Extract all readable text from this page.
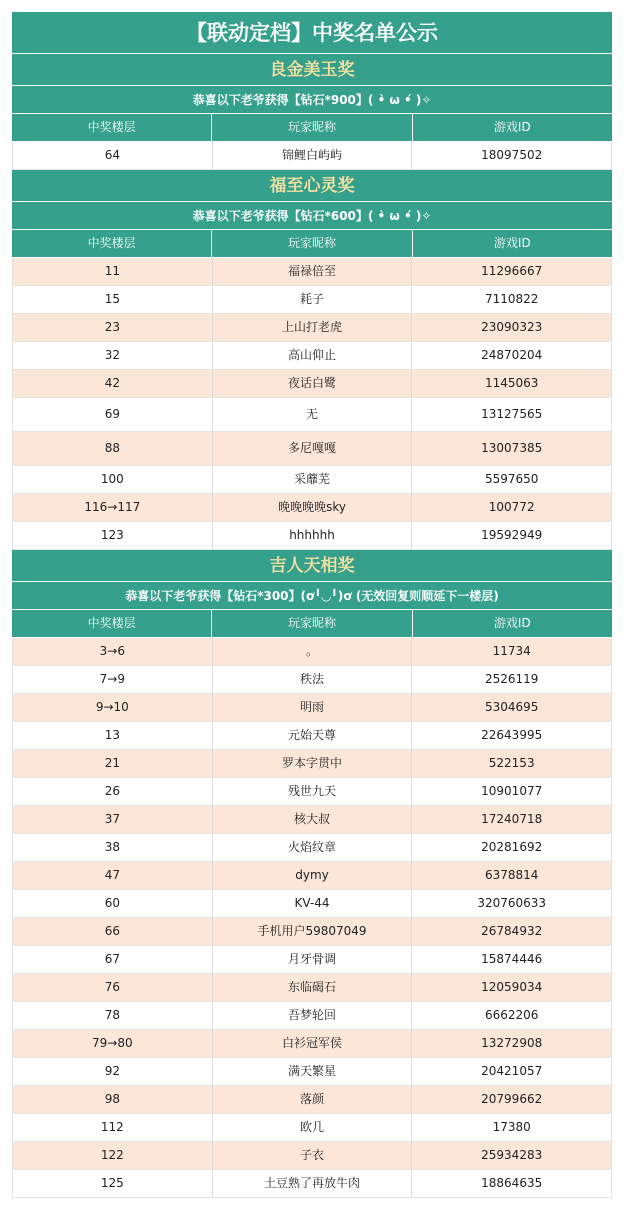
【联动定档】中奖名单公示
良金美玉奖
恭喜以下老爷获得【钻石*900】( •̀ ω •́ )✧
中奖楼层	玩家昵称	游戏ID
64	锦鲤白屿屿	18097502
福至心灵奖
恭喜以下老爷获得【钻石*600】( •̀ ω •́ )✧
中奖楼层	玩家昵称	游戏ID
11	福禄倍至	11296667
15	耗子	7110822
23	上山打老虎	23090323
32	高山仰止	24870204
42	夜话白鹭	1145063
69	无	13127565
88	多尼嘎嘎	13007385
100	采蘼芜	5597650
116→117	晚晚晚晚sky	100772
123	hhhhhh	19592949
吉人天相奖
恭喜以下老爷获得【钻石*300】(ơ╹◡╹)ơ (无效回复则顺延下一楼层)
中奖楼层	玩家昵称	游戏ID
3→6	。	11734
7→9	秩法	2526119
9→10	明雨	5304695
13	元始天尊	22643995
21	罗本字贯中	522153
26	残世九天	10901077
37	核大叔	17240718
38	火焰纹章	20281692
47	dymy	6378814
60	KV-44	320760633
66	手机用户59807049	26784932
67	月牙骨调	15874446
76	东临碣石	12059034
78	吾梦轮回	6662206
79→80	白衫冠军侯	13272908
92	满天繁星	20421057
98	落颜	20799662
112	欧几	17380
122	子衣	25934283
125	土豆熟了再放牛肉	18864635
